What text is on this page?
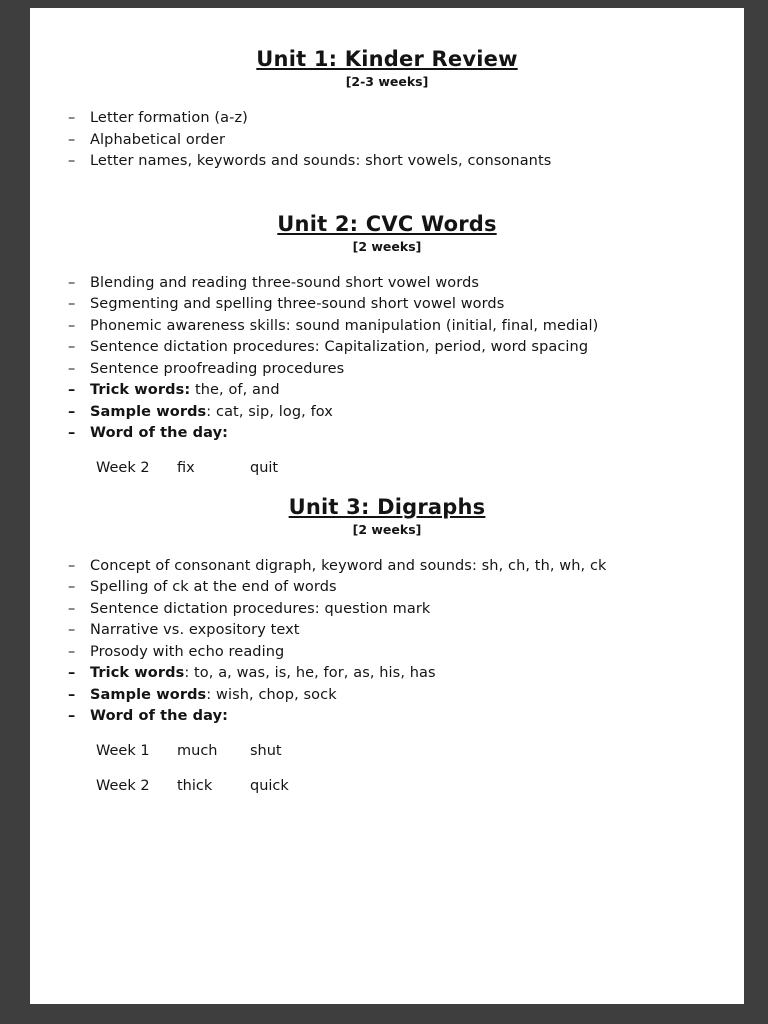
Unit 1: Kinder Review
[2-3 weeks]
– Letter formation (a-z)
– Alphabetical order
– Letter names, keywords and sounds: short vowels, consonants
Unit 2: CVC Words
[2 weeks]
– Blending and reading three-sound short vowel words
– Segmenting and spelling three-sound short vowel words
– Phonemic awareness skills: sound manipulation (initial, final, medial)
– Sentence dictation procedures: Capitalization, period, word spacing
– Sentence proofreading procedures
– Trick words: the, of, and
– Sample words: cat, sip, log, fox
– Word of the day:
Week 2 fix	quit
Unit 3: Digraphs
[2 weeks]
– Concept of consonant digraph, keyword and sounds: sh, ch, th, wh, ck
– Spelling of ck at the end of words
– Sentence dictation procedures: question mark
– Narrative vs. expository text
– Prosody with echo reading
– Trick words: to, a, was, is, he, for, as, his, has
– Sample words: wish, chop, sock
– Word of the day:
Week 1 much shut
Week 2 thick	quick
